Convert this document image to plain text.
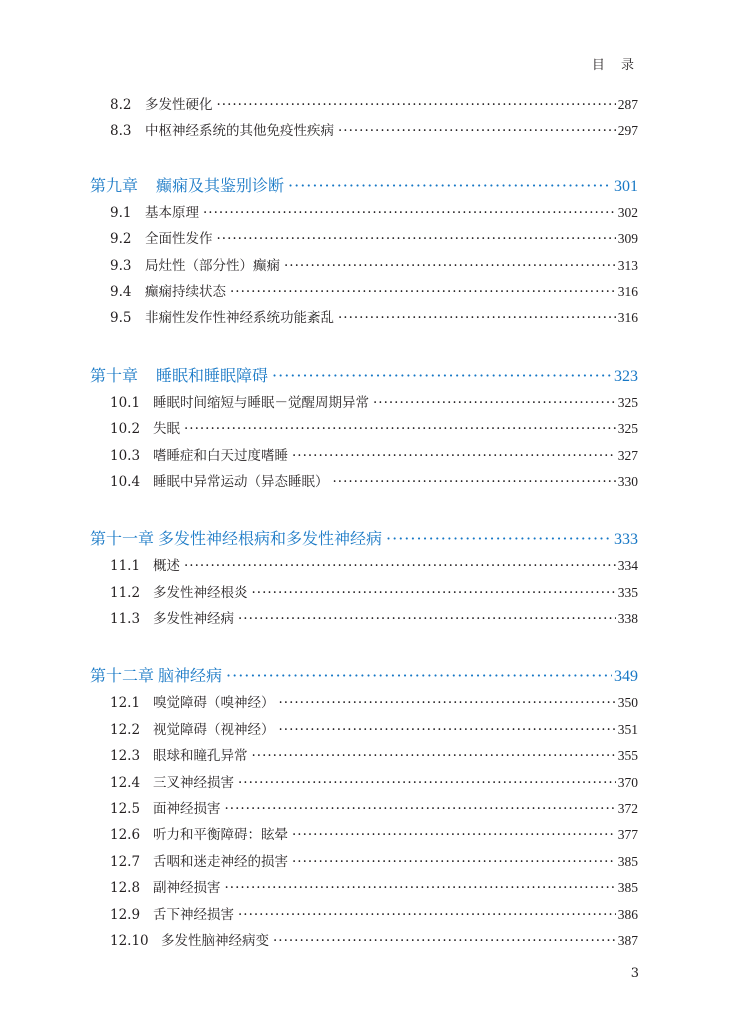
目 录
8.2	多发性硬化 ·····	287
8.3	中枢神经系统的其他免疫性疾病 ·····	297
第九章	癫痫及其鉴别诊断 ·····	301
9.1	基本原理 ·····	302
9.2	全面性发作 ·····	309
9.3	局灶性（部分性）癫痫 ·····	313
9.4	癫痫持续状态 ·····	316
9.5	非痫性发作性神经系统功能紊乱 ·····	316
第十章	睡眠和睡眠障碍 ·····	323
10.1 睡眠时间缩短与睡眠－觉醒周期异常 ·····	325
10.2 失眠 ·····	325
10.3 嗜睡症和白天过度嗜睡 ·····	327
10.4 睡眠中异常运动（异态睡眠） ·····	330
第十一章 多发性神经根病和多发性神经病 ·····	333
11.1 概述 ·····	334
11.2 多发性神经根炎 ·····	335
11.3 多发性神经病 ·····	338
第十二章 脑神经病 ·····	349
12.1 嗅觉障碍（嗅神经） ·····	350
12.2 视觉障碍（视神经） ·····	351
12.3 眼球和瞳孔异常 ·····	355
12.4 三叉神经损害 ·····	370
12.5 面神经损害 ·····	372
12.6 听力和平衡障碍：眩晕 ·····	377
12.7 舌咽和迷走神经的损害 ·····	385
12.8 副神经损害 ·····	385
12.9 舌下神经损害 ·····	386
12.10 多发性脑神经病变 ·····	387
3
